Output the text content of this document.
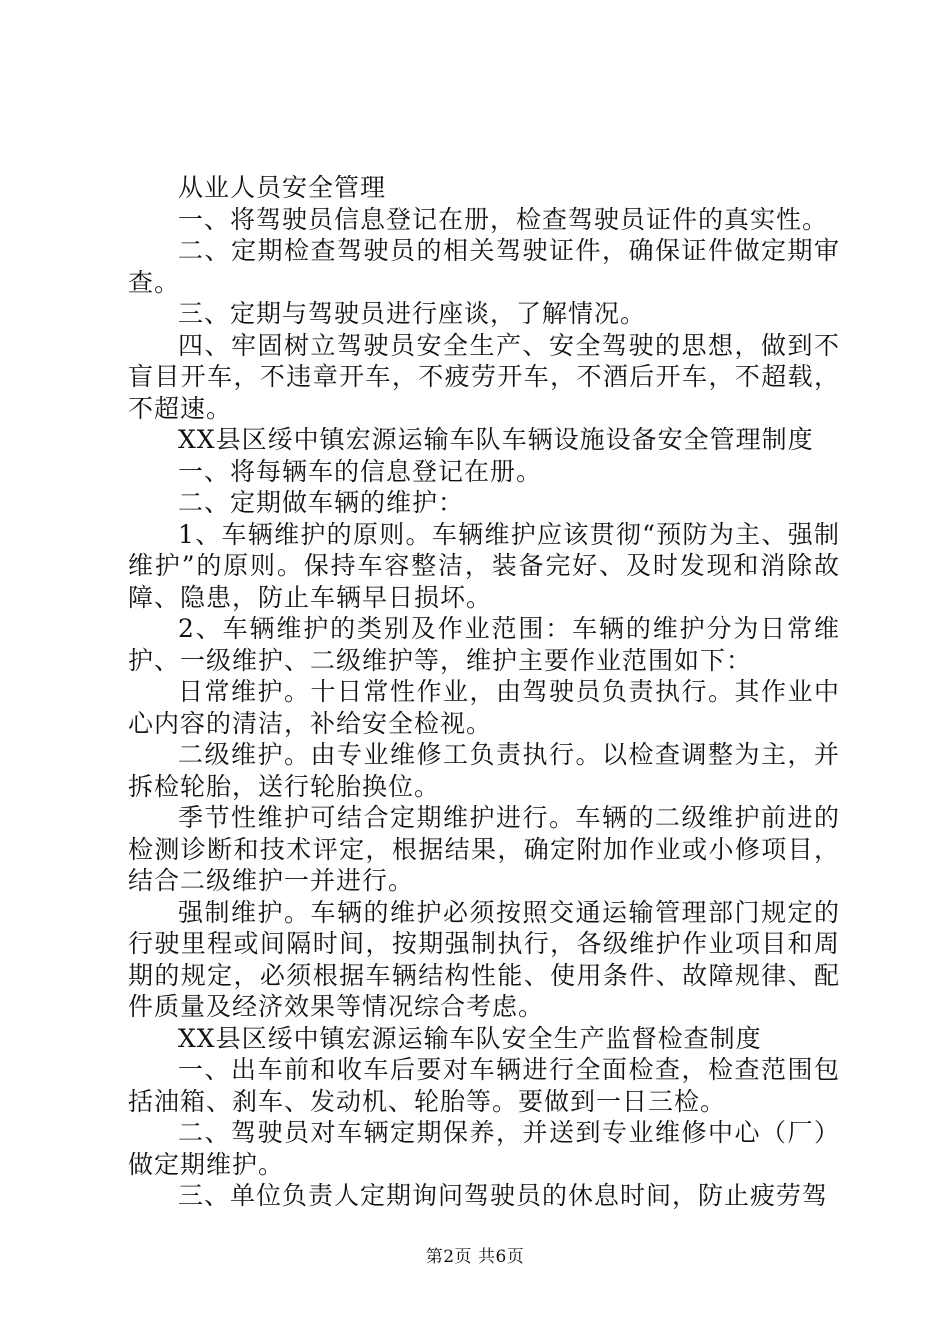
从业人员安全管理

一、将驾驶员信息登记在册，检查驾驶员证件的真实性。

二、定期检查驾驶员的相关驾驶证件，确保证件做定期审查。

三、定期与驾驶员进行座谈，了解情况。

四、牢固树立驾驶员安全生产、安全驾驶的思想，做到不盲目开车，不违章开车，不疲劳开车，不酒后开车，不超载，不超速。

XX县区绥中镇宏源运输车队车辆设施设备安全管理制度

一、将每辆车的信息登记在册。

二、定期做车辆的维护：

1、车辆维护的原则。车辆维护应该贯彻“预防为主、强制维护”的原则。保持车容整洁，装备完好、及时发现和消除故障、隐患，防止车辆早日损坏。

2、车辆维护的类别及作业范围：车辆的维护分为日常维护、一级维护、二级维护等，维护主要作业范围如下：

日常维护。十日常性作业，由驾驶员负责执行。其作业中心内容的清洁，补给安全检视。

二级维护。由专业维修工负责执行。以检查调整为主，并拆检轮胎，送行轮胎换位。

季节性维护可结合定期维护进行。车辆的二级维护前进的检测诊断和技术评定，根据结果，确定附加作业或小修项目，结合二级维护一并进行。

强制维护。车辆的维护必须按照交通运输管理部门规定的行驶里程或间隔时间，按期强制执行，各级维护作业项目和周期的规定，必须根据车辆结构性能、使用条件、故障规律、配件质量及经济效果等情况综合考虑。

XX县区绥中镇宏源运输车队安全生产监督检查制度

一、出车前和收车后要对车辆进行全面检查，检查范围包括油箱、刹车、发动机、轮胎等。要做到一日三检。

二、驾驶员对车辆定期保养，并送到专业维修中心（厂）做定期维护。

三、单位负责人定期询问驾驶员的休息时间，防止疲劳驾

第2页 共6页
